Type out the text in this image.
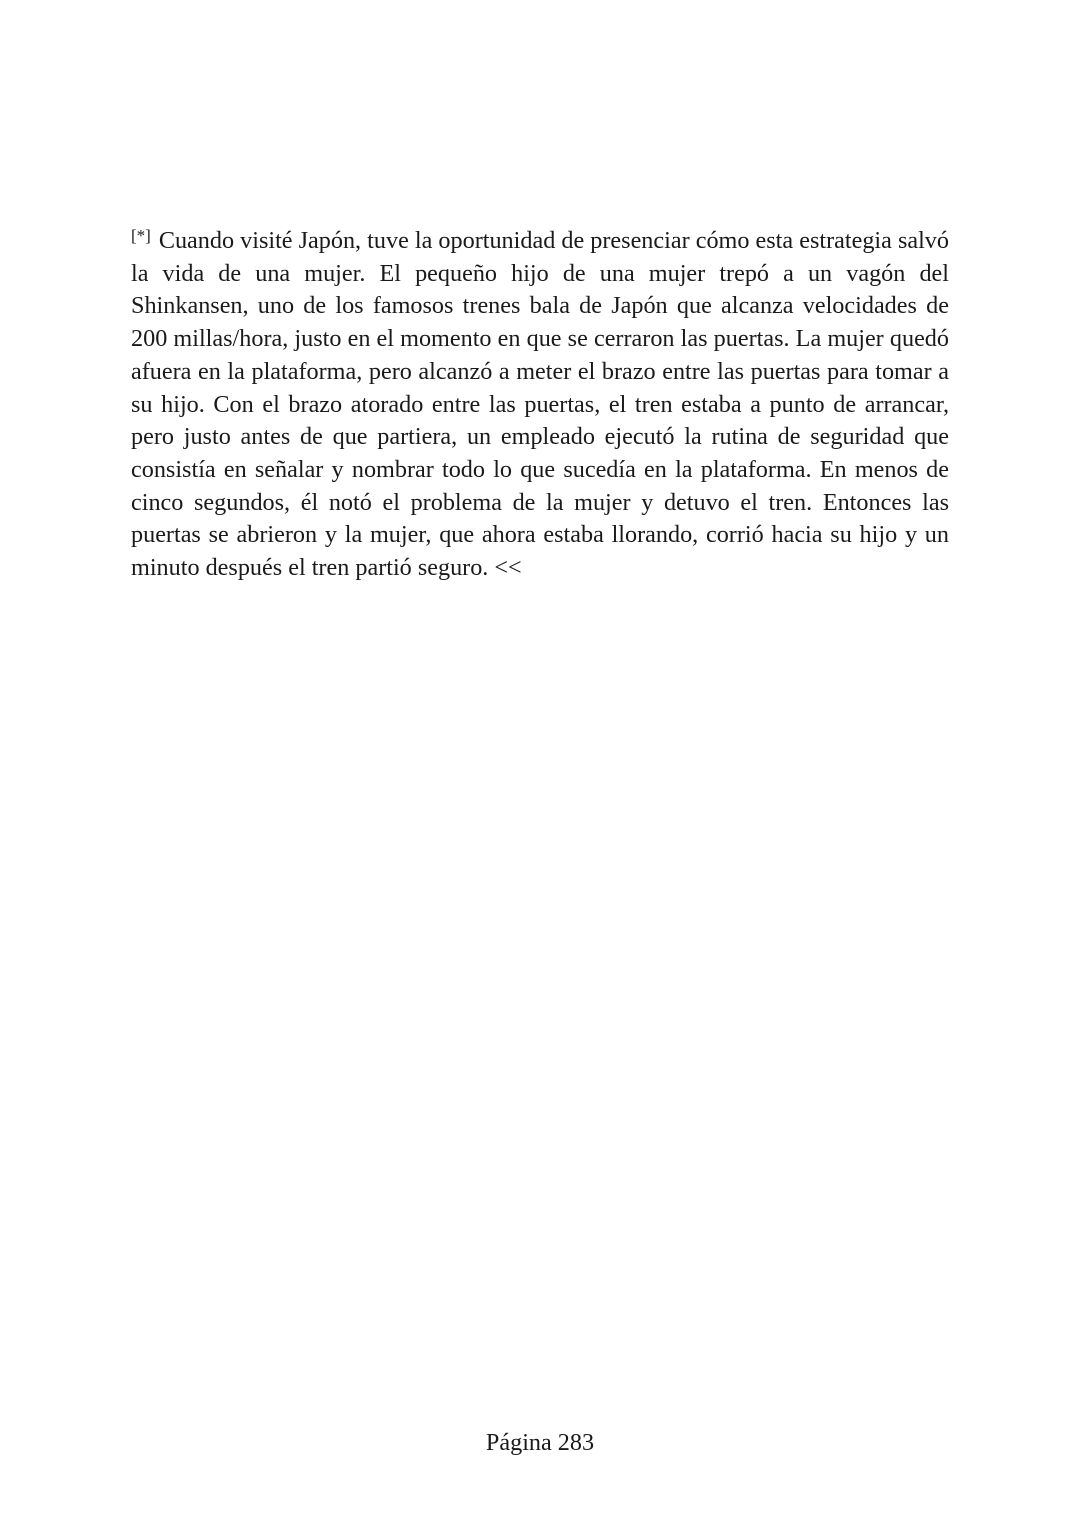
[*] Cuando visité Japón, tuve la oportunidad de presenciar cómo esta estrategia salvó la vida de una mujer. El pequeño hijo de una mujer trepó a un vagón del Shinkansen, uno de los famosos trenes bala de Japón que alcanza velocidades de 200 millas/hora, justo en el momento en que se cerraron las puertas. La mujer quedó afuera en la plataforma, pero alcanzó a meter el brazo entre las puertas para tomar a su hijo. Con el brazo atorado entre las puertas, el tren estaba a punto de arrancar, pero justo antes de que partiera, un empleado ejecutó la rutina de seguridad que consistía en señalar y nombrar todo lo que sucedía en la plataforma. En menos de cinco segundos, él notó el problema de la mujer y detuvo el tren. Entonces las puertas se abrieron y la mujer, que ahora estaba llorando, corrió hacia su hijo y un minuto después el tren partió seguro. <<

Página 283
